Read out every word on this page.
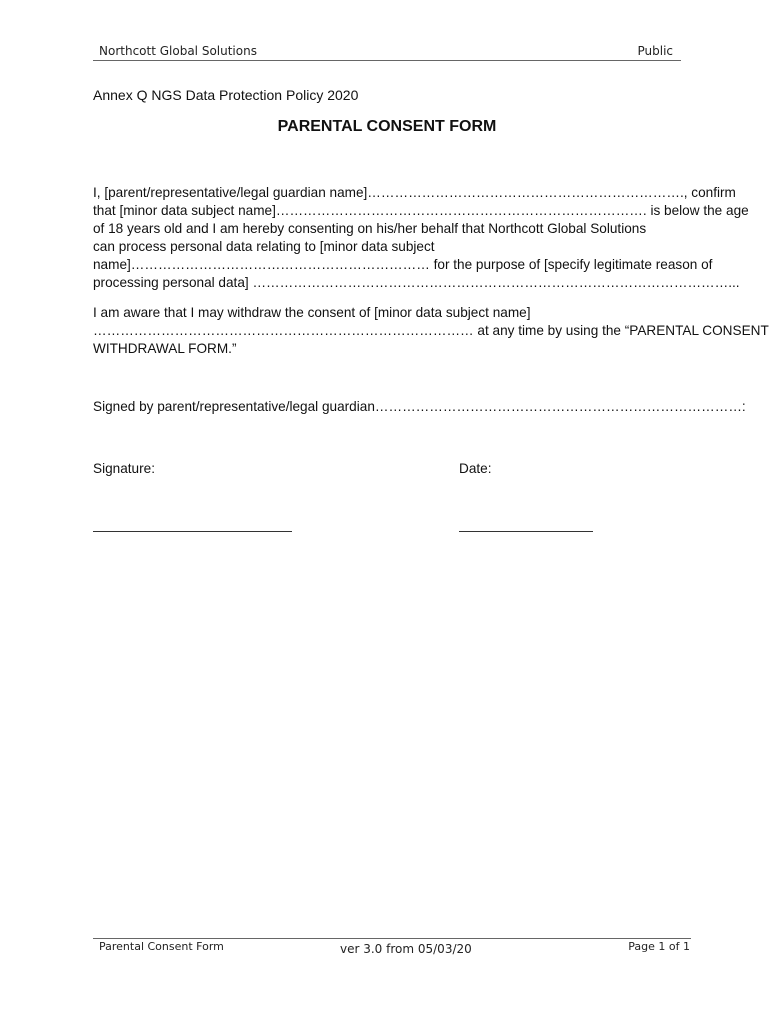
Northcott Global Solutions	Public
Annex Q NGS Data Protection Policy 2020
PARENTAL CONSENT FORM

I, [parent/representative/legal guardian name]……………………………………………………………., confirm
that [minor data subject name]………………………………………………………………………. is below the age
of 18 years old and I am hereby consenting on his/her behalf that Northcott Global Solutions
can process personal data relating to [minor data subject
name]………………………………………………………… for the purpose of [specify legitimate reason of
processing personal data] ……………………………………………………………………………………………...

I am aware that I may withdraw the consent of [minor data subject name]
………………………………………………………………………… at any time by using the “PARENTAL CONSENT
WITHDRAWAL FORM.”

Signed by parent/representative/legal guardian………………………………………………………………………:
Signature:	Date:
Parental Consent Form	ver 3.0 from 05/03/20	Page 1 of 1
